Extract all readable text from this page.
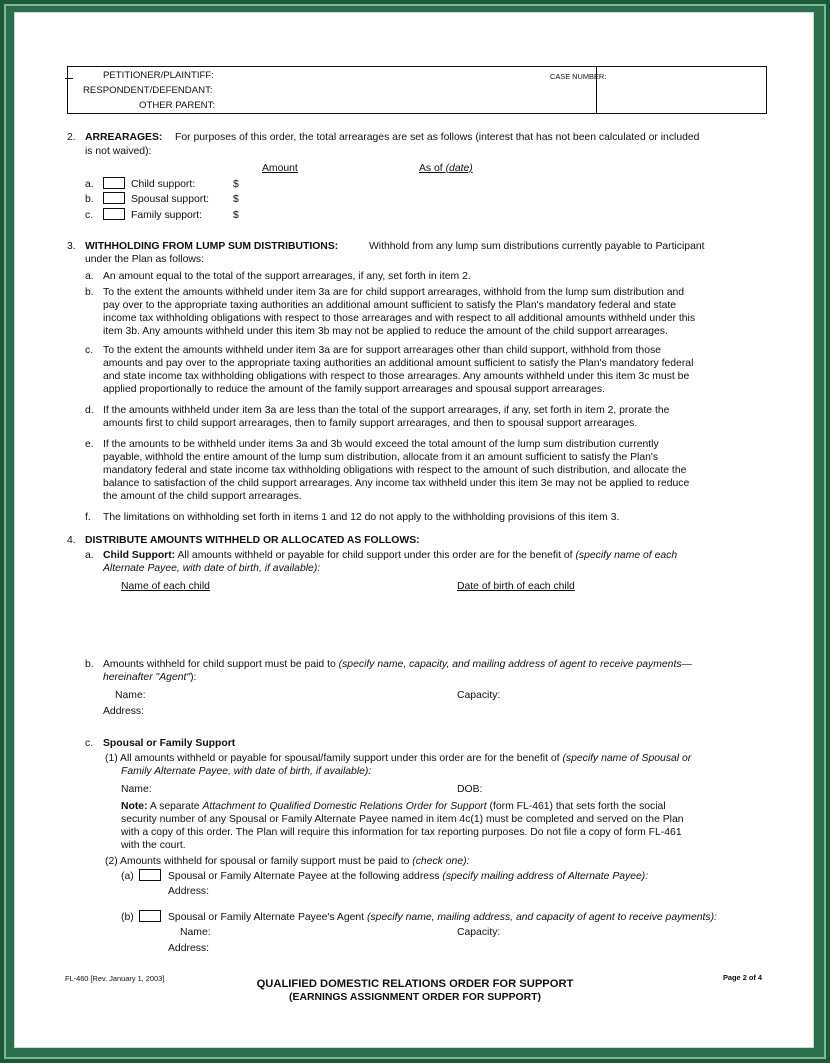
PETITIONER/PLAINTIFF:
RESPONDENT/DEFENDANT:
OTHER PARENT:
CASE NUMBER:
2. ARREARAGES: For purposes of this order, the total arrearages are set as follows (interest that has not been calculated or included
is not waived):
Amount	As of (date)
a.	Child support:	$
b.	Spousal support: $
c.	Family support:	$
3. WITHHOLDING FROM LUMP SUM DISTRIBUTIONS:	Withhold from any lump sum distributions currently payable to Participant
under the Plan as follows:
a. An amount equal to the total of the support arrearages, if any, set forth in item 2.
b. To the extent the amounts withheld under item 3a are for child support arrearages, withhold from the lump sum distribution and
pay over to the appropriate taxing authorities an additional amount sufficient to satisfy the Plan's mandatory federal and state
income tax withholding obligations with respect to those arrearages and with respect to all additional amounts withheld under this
item 3b. Any amounts withheld under this item 3b may not be applied to reduce the amount of the child support arrearages.
c. To the extent the amounts withheld under item 3a are for support arrearages other than child support, withhold from those
amounts and pay over to the appropriate taxing authorities an additional amount sufficient to satisfy the Plan's mandatory federal
and state income tax withholding obligations with respect to those arrearages. Any amounts withheld under this item 3c must be
applied proportionally to reduce the amount of the family support arrearages and spousal support arrearages.
d. If the amounts withheld under item 3a are less than the total of the support arrearages, if any, set forth in item 2, prorate the
amounts first to child support arrearages, then to family support arrearages, and then to spousal support arrearages.
e. If the amounts to be withheld under items 3a and 3b would exceed the total amount of the lump sum distribution currently
payable, withhold the entire amount of the lump sum distribution, allocate from it an amount sufficient to satisfy the Plan's
mandatory federal and state income tax withholding obligations with respect to the amount of such distribution, and allocate the
balance to satisfaction of the child support arrearages. Any income tax withheld under this item 3e may not be applied to reduce
the amount of the child support arrearages.
f. The limitations on withholding set forth in items 1 and 12 do not apply to the withholding provisions of this item 3.
4. DISTRIBUTE AMOUNTS WITHHELD OR ALLOCATED AS FOLLOWS:
a. Child Support: All amounts withheld or payable for child support under this order are for the benefit of (specify name of each
Alternate Payee, with date of birth, if available):
Name of each child	Date of birth of each child
b. Amounts withheld for child support must be paid to (specify name, capacity, and mailing address of agent to receive payments—
hereinafter "Agent"):
Name:	Capacity:
Address:
c. Spousal or Family Support
(1) All amounts withheld or payable for spousal/family support under this order are for the benefit of (specify name of Spousal or
Family Alternate Payee, with date of birth, if available):
Name:	DOB:
Note: A separate Attachment to Qualified Domestic Relations Order for Support (form FL-461) that sets forth the social
security number of any Spousal or Family Alternate Payee named in item 4c(1) must be completed and served on the Plan
with a copy of this order. The Plan will require this information for tax reporting purposes. Do not file a copy of form FL-461
with the court.
(2) Amounts withheld for spousal or family support must be paid to (check one):
(a)	Spousal or Family Alternate Payee at the following address (specify mailing address of Alternate Payee):
Address:
(b)	Spousal or Family Alternate Payee's Agent (specify name, mailing address, and capacity of agent to receive payments):
Name:	Capacity:
Address:
FL-460 [Rev. January 1, 2003]	Page 2 of 4
QUALIFIED DOMESTIC RELATIONS ORDER FOR SUPPORT
(EARNINGS ASSIGNMENT ORDER FOR SUPPORT)
